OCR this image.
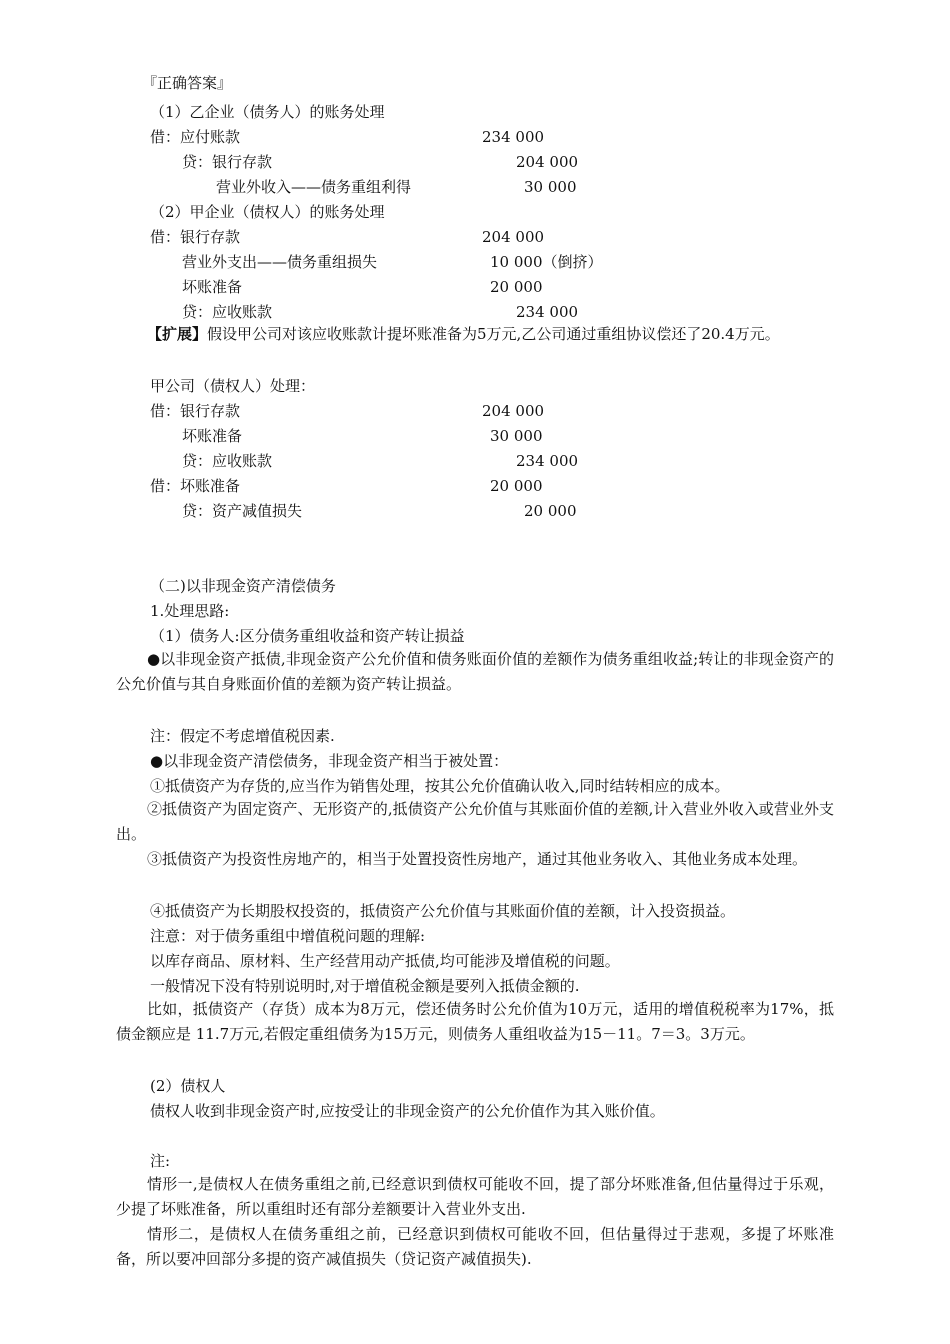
『正确答案』
（1）乙企业（债务人）的账务处理
借：应付账款	234 000
贷：银行存款	204 000
营业外收入——债务重组利得	30 000
（2）甲企业（债权人）的账务处理
借：银行存款	204 000
营业外支出——债务重组损失	10 000（倒挤）
坏账准备	20 000
贷：应收账款	234 000
【扩展】假设甲公司对该应收账款计提坏账准备为5万元,乙公司通过重组协议偿还了20.4万元。
甲公司（债权人）处理：
借：银行存款	204 000
坏账准备	30 000
贷：应收账款	234 000
借：坏账准备	20 000
贷：资产减值损失	20 000
（二)以非现金资产清偿债务
1.处理思路:
（1）债务人:区分债务重组收益和资产转让损益
●以非现金资产抵债,非现金资产公允价值和债务账面价值的差额作为债务重组收益;转让的非现金资产的公允价值与其自身账面价值的差额为资产转让损益。
注：假定不考虑增值税因素.
●以非现金资产清偿债务，非现金资产相当于被处置：
①抵债资产为存货的,应当作为销售处理，按其公允价值确认收入,同时结转相应的成本。
②抵债资产为固定资产、无形资产的,抵债资产公允价值与其账面价值的差额,计入营业外收入或营业外支出。
③抵债资产为投资性房地产的，相当于处置投资性房地产，通过其他业务收入、其他业务成本处理。
④抵债资产为长期股权投资的，抵债资产公允价值与其账面价值的差额，计入投资损益。
注意：对于债务重组中增值税问题的理解:
以库存商品、原材料、生产经营用动产抵债,均可能涉及增值税的问题。
一般情况下没有特别说明时,对于增值税金额是要列入抵债金额的.
比如，抵债资产（存货）成本为8万元，偿还债务时公允价值为10万元，适用的增值税税率为17%，抵债金额应是 11.7万元,若假定重组债务为15万元，则债务人重组收益为15－11。7＝3。3万元。
(2）债权人
债权人收到非现金资产时,应按受让的非现金资产的公允价值作为其入账价值。
注:
情形一,是债权人在债务重组之前,已经意识到债权可能收不回，提了部分坏账准备,但估量得过于乐观，少提了坏账准备，所以重组时还有部分差额要计入营业外支出.
情形二，是债权人在债务重组之前，已经意识到债权可能收不回，但估量得过于悲观，多提了坏账准备，所以要冲回部分多提的资产减值损失（贷记资产减值损失).
